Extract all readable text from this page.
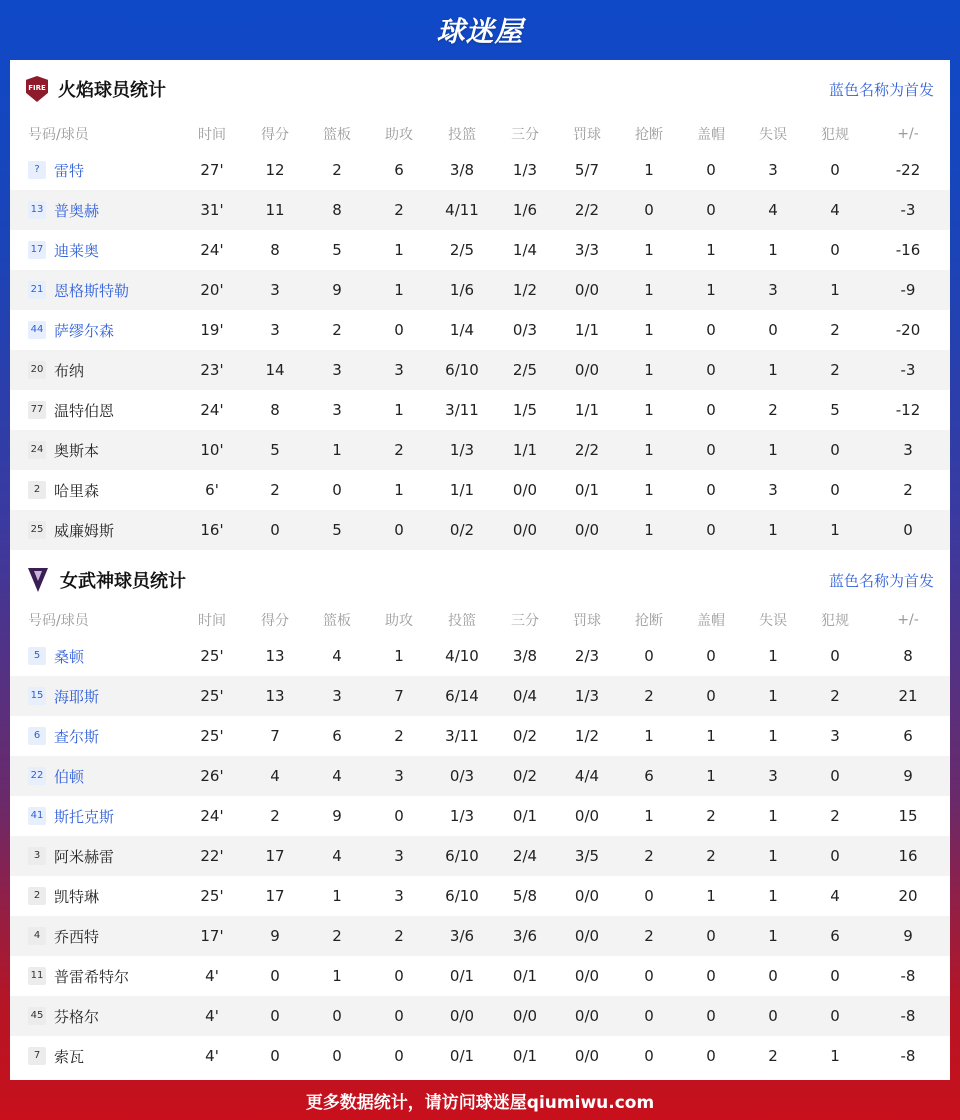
球迷屋
FIRE 火焰球员统计	蓝色名称为首发
号码/球员	时间	得分	篮板	助攻	投篮	三分	罚球	抢断	盖帽	失误	犯规	+/-
? 雷特	27'	12	2	6	3/8	1/3	5/7	1	0	3	0	-22
13 普奥赫	31'	11	8	2	4/11	1/6	2/2	0	0	4	4	-3
17 迪莱奥	24'	8	5	1	2/5	1/4	3/3	1	1	1	0	-16
21 恩格斯特勒	20'	3	9	1	1/6	1/2	0/0	1	1	3	1	-9
44 萨缪尔森	19'	3	2	0	1/4	0/3	1/1	1	0	0	2	-20
20 布纳	23'	14	3	3	6/10	2/5	0/0	1	0	1	2	-3
77 温特伯恩	24'	8	3	1	3/11	1/5	1/1	1	0	2	5	-12
24 奥斯本	10'	5	1	2	1/3	1/1	2/2	1	0	1	0	3
2 哈里森	6'	2	0	1	1/1	0/0	0/1	1	0	3	0	2
25 威廉姆斯	16'	0	5	0	0/2	0/0	0/0	1	0	1	1	0
女武神球员统计	蓝色名称为首发
号码/球员	时间	得分	篮板	助攻	投篮	三分	罚球	抢断	盖帽	失误	犯规	+/-
5 桑顿	25'	13	4	1	4/10	3/8	2/3	0	0	1	0	8
15 海耶斯	25'	13	3	7	6/14	0/4	1/3	2	0	1	2	21
6 查尔斯	25'	7	6	2	3/11	0/2	1/2	1	1	1	3	6
22 伯顿	26'	4	4	3	0/3	0/2	4/4	6	1	3	0	9
41 斯托克斯	24'	2	9	0	1/3	0/1	0/0	1	2	1	2	15
3 阿米赫雷	22'	17	4	3	6/10	2/4	3/5	2	2	1	0	16
2 凯特琳	25'	17	1	3	6/10	5/8	0/0	0	1	1	4	20
4 乔西特	17'	9	2	2	3/6	3/6	0/0	2	0	1	6	9
11 普雷希特尔	4'	0	1	0	0/1	0/1	0/0	0	0	0	0	-8
45 芬格尔	4'	0	0	0	0/0	0/0	0/0	0	0	0	0	-8
7 索瓦	4'	0	0	0	0/1	0/1	0/0	0	0	2	1	-8
更多数据统计，请访问球迷屋qiumiwu.com
